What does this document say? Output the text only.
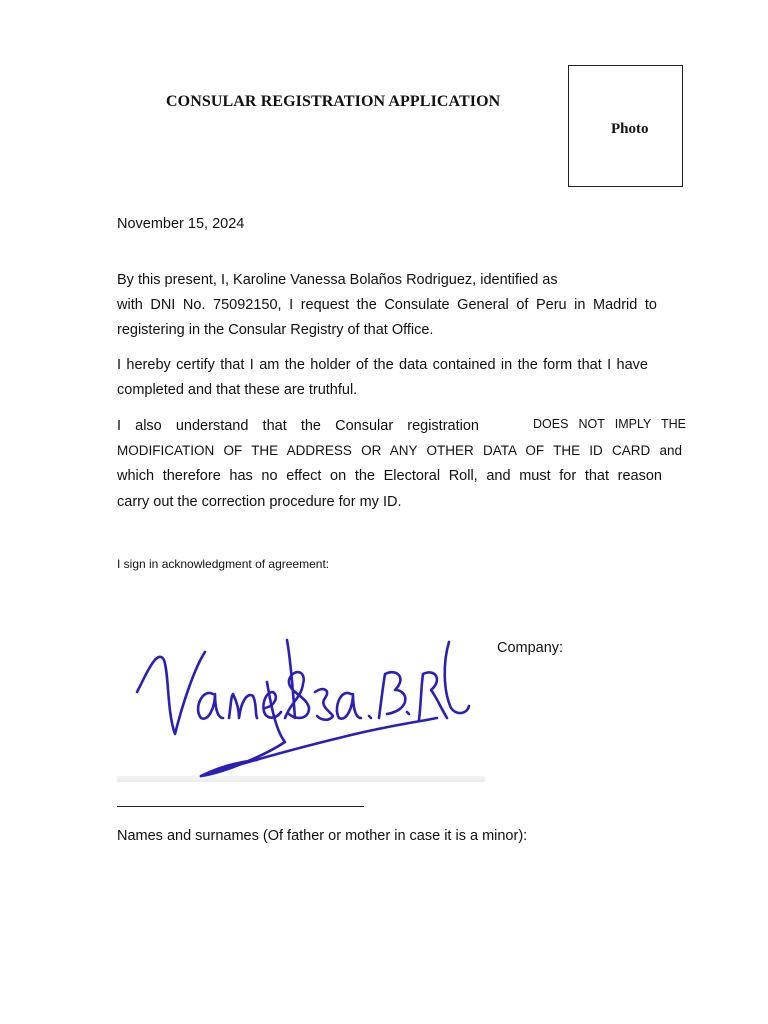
CONSULAR REGISTRATION APPLICATION
Photo
November 15, 2024
By this present, I, Karoline Vanessa Bolaños Rodriguez, identified as
with DNI No. 75092150, I request the Consulate General of Peru in Madrid to
registering in the Consular Registry of that Office.
I hereby certify that I am the holder of the data contained in the form that I have
completed and that these are truthful.
I also understand that the Consular registration	DOES NOT IMPLY THE
MODIFICATION OF THE ADDRESS OR ANY OTHER DATA OF THE ID CARD and
which therefore has no effect on the Electoral Roll, and must for that reason
carry out the correction procedure for my ID.
I sign in acknowledgment of agreement:
Company:
Names and surnames (Of father or mother in case it is a minor):
